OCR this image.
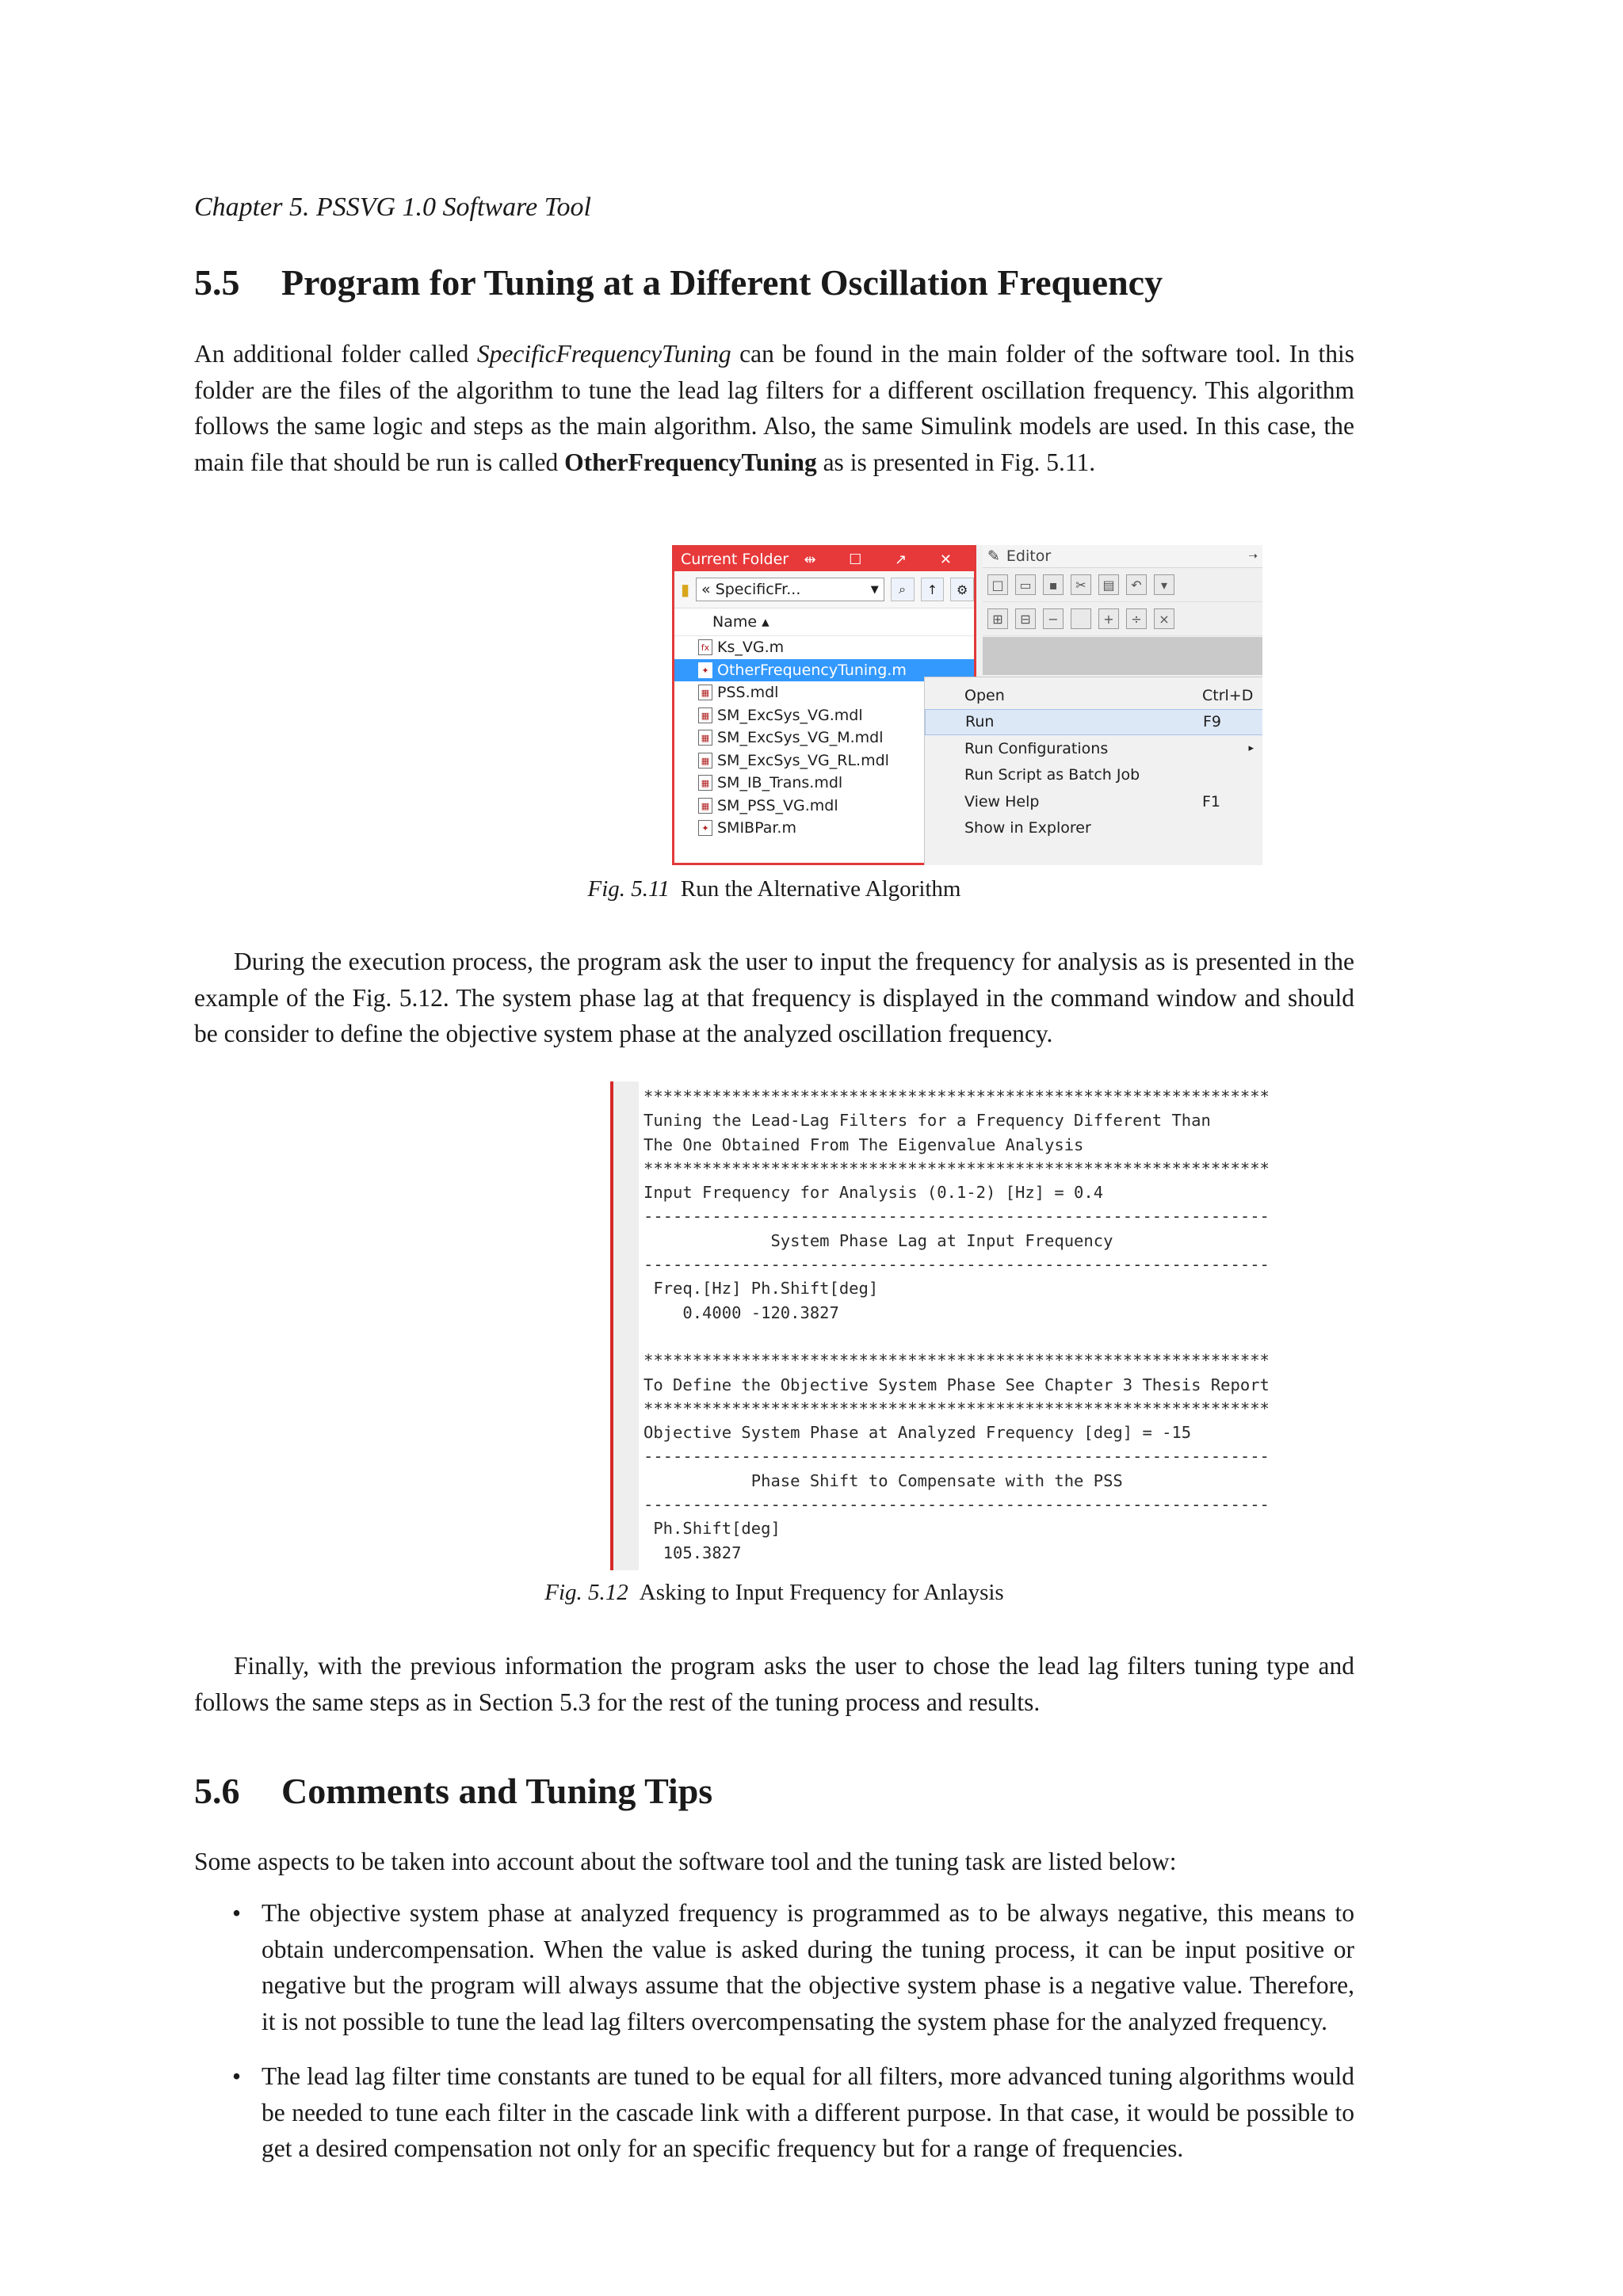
Chapter 5. PSSVG 1.0 Software Tool
5.5 Program for Tuning at a Different Oscillation Frequency

An additional folder called SpecificFrequencyTuning can be found in the main folder of the software tool. In this folder are the files of the algorithm to tune the lead lag filters for a different oscillation frequency. This algorithm follows the same logic and steps as the main algorithm. Also, the same Simulink models are used. In this case, the main file that should be run is called OtherFrequencyTuning as is presented in Fig. 5.11.

Current Folder ⇹ ☐ ↗ ✕
▮ «
SpecificFr...	▼	⌕	↑	⚙
Name ▴
fx Ks_VG.m
✦ OtherFrequencyTuning.m
▦ PSS.mdl
▦ SM_ExcSys_VG.mdl
▦ SM_ExcSys_VG_M.mdl
▦ SM_ExcSys_VG_RL.mdl
▦ SM_IB_Trans.mdl
▦ SM_PSS_VG.mdl
✦ SMIBPar.m
✎ Editor	➝
□	▭	▪	✂	▤	↶	▾
⊞	⊟	−	+	÷	×
Open	Ctrl+D
Run	F9
Run Configurations	▸
Run Script as Batch Job
View Help	F1
Show in Explorer
Fig. 5.11 Run the Alternative Algorithm

During the execution process, the program ask the user to input the frequency for analysis as is presented in the example of the Fig. 5.12. The system phase lag at that frequency is displayed in the command window and should be consider to define the objective system phase at the analyzed oscillation frequency.

****************************************************************
Tuning the Lead-Lag Filters for a Frequency Different Than
The One Obtained From The Eigenvalue Analysis
****************************************************************
Input Frequency for Analysis (0.1-2) [Hz] = 0.4
----------------------------------------------------------------
System Phase Lag at Input Frequency
----------------------------------------------------------------
Freq.[Hz] Ph.Shift[deg]
0.4000 -120.3827

****************************************************************
To Define the Objective System Phase See Chapter 3 Thesis Report
****************************************************************
Objective System Phase at Analyzed Frequency [deg] = -15
----------------------------------------------------------------
Phase Shift to Compensate with the PSS
----------------------------------------------------------------
Ph.Shift[deg]
105.3827
Fig. 5.12 Asking to Input Frequency for Anlaysis

Finally, with the previous information the program asks the user to chose the lead lag filters tuning type and follows the same steps as in Section 5.3 for the rest of the tuning process and results.

5.6 Comments and Tuning Tips

Some aspects to be taken into account about the software tool and the tuning task are listed below:

• The objective system phase at analyzed frequency is programmed as to be always negative, this means to obtain undercompensation. When the value is asked during the tuning process, it can be input positive or negative but the program will always assume that the objective system phase is a negative value. Therefore, it is not possible to tune the lead lag filters overcompensating the system phase for the analyzed frequency.
• The lead lag filter time constants are tuned to be equal for all filters, more advanced tuning algorithms would be needed to tune each filter in the cascade link with a different purpose. In that case, it would be possible to get a desired compensation not only for an specific frequency but for a range of frequencies.
